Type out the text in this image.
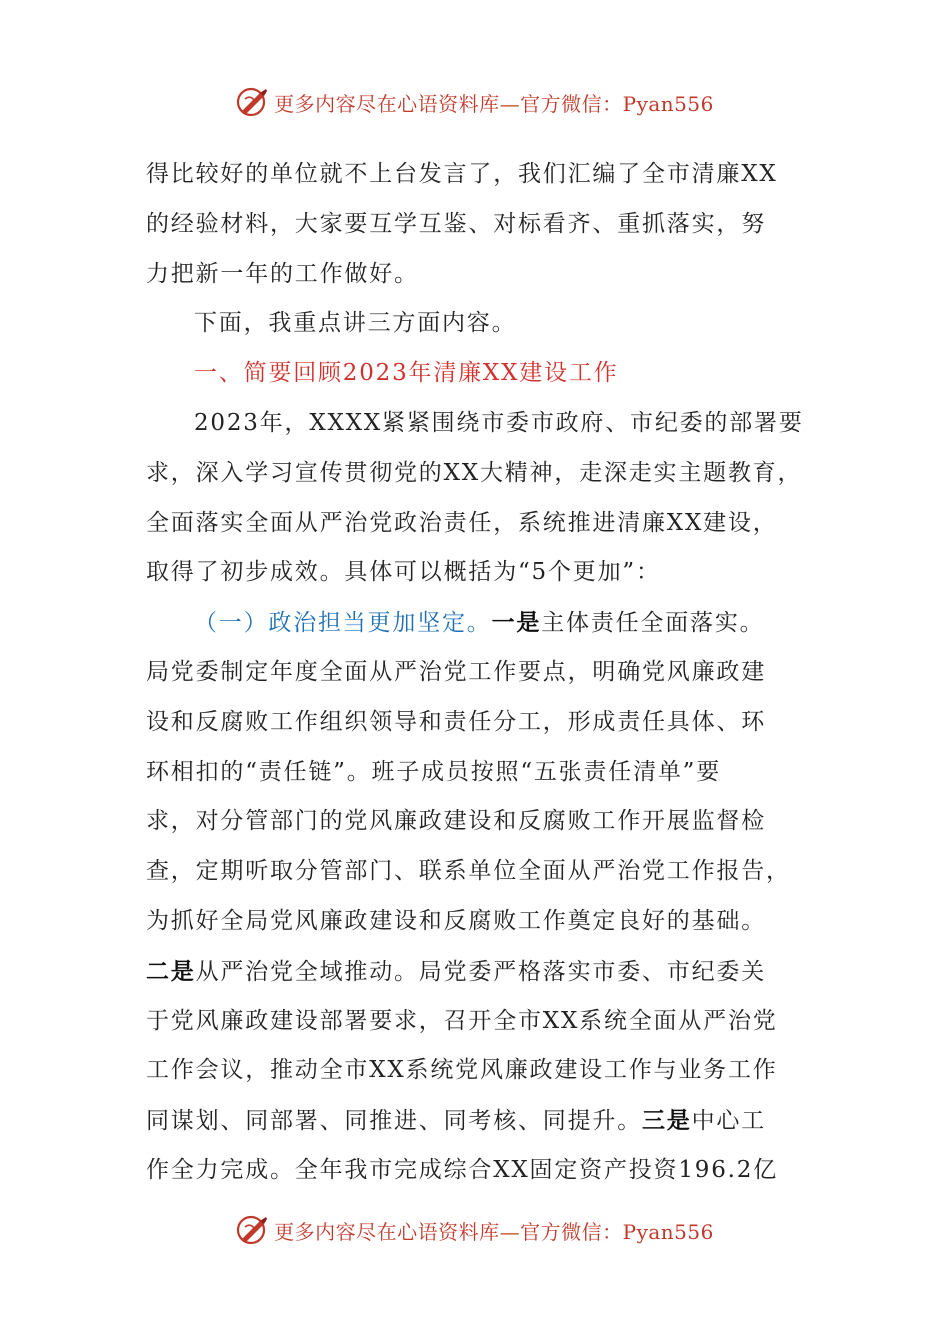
更多内容尽在心语资料库—官方微信：Pyan556
得比较好的单位就不上台发言了，我们汇编了全市清廉XX
的经验材料，大家要互学互鉴、对标看齐、重抓落实，努
力把新一年的工作做好。
下面，我重点讲三方面内容。
一、简要回顾2023年清廉XX建设工作
2023年，XXXX紧紧围绕市委市政府、市纪委的部署要
求，深入学习宣传贯彻党的XX大精神，走深走实主题教育，
全面落实全面从严治党政治责任，系统推进清廉XX建设，
取得了初步成效。具体可以概括为“5个更加”：
（一）政治担当更加坚定。一是主体责任全面落实。
局党委制定年度全面从严治党工作要点，明确党风廉政建
设和反腐败工作组织领导和责任分工，形成责任具体、环
环相扣的“责任链”。班子成员按照“五张责任清单”要
求，对分管部门的党风廉政建设和反腐败工作开展监督检
查，定期听取分管部门、联系单位全面从严治党工作报告，
为抓好全局党风廉政建设和反腐败工作奠定良好的基础。
二是从严治党全域推动。局党委严格落实市委、市纪委关
于党风廉政建设部署要求，召开全市XX系统全面从严治党
工作会议，推动全市XX系统党风廉政建设工作与业务工作
同谋划、同部署、同推进、同考核、同提升。三是中心工
作全力完成。全年我市完成综合XX固定资产投资196.2亿
更多内容尽在心语资料库—官方微信：Pyan556
